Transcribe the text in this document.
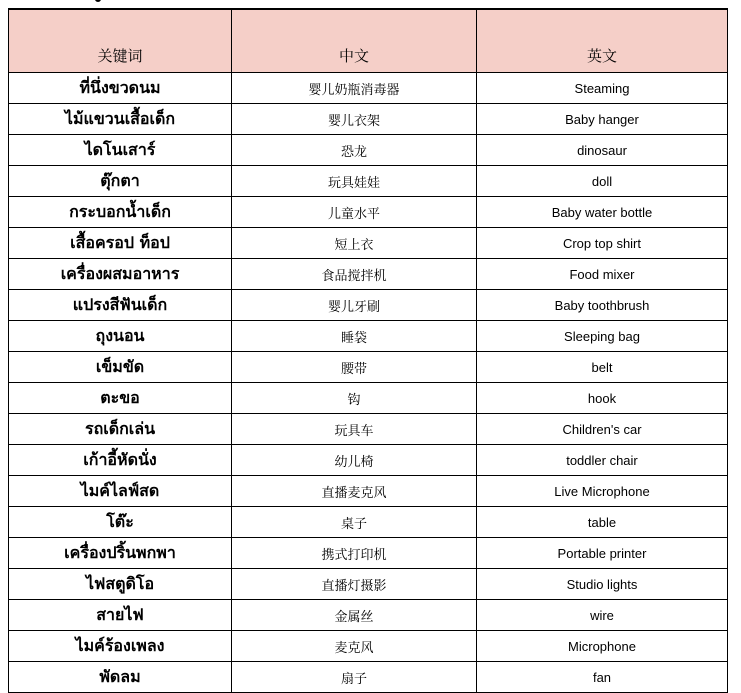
关键词	中文	英文
ที่นึ่งขวดนม	婴儿奶瓶消毒器	Steaming
ไม้แขวนเสื้อเด็ก	婴儿衣架	Baby hanger
ไดโนเสาร์	恐龙	dinosaur
ตุ๊กตา	玩具娃娃	doll
กระบอกน้ำเด็ก	儿童水平	Baby water bottle
เสื้อครอป ท็อป	短上衣	Crop top shirt
เครื่องผสมอาหาร	食品搅拌机	Food mixer
แปรงสีฟันเด็ก	婴儿牙刷	Baby toothbrush
ถุงนอน	睡袋	Sleeping bag
เข็มขัด	腰带	belt
ตะขอ	钩	hook
รถเด็กเล่น	玩具车	Children's car
เก้าอี้หัดนั่ง	幼儿椅	toddler chair
ไมค์ไลฟ์สด	直播麦克风	Live Microphone
โต๊ะ	桌子	table
เครื่องปริ้นพกพา	携式打印机	Portable printer
ไฟสตูดิโอ	直播灯摄影	Studio lights
สายไฟ	金属丝	wire
ไมค์ร้องเพลง	麦克风	Microphone
พัดลม	扇子	fan
